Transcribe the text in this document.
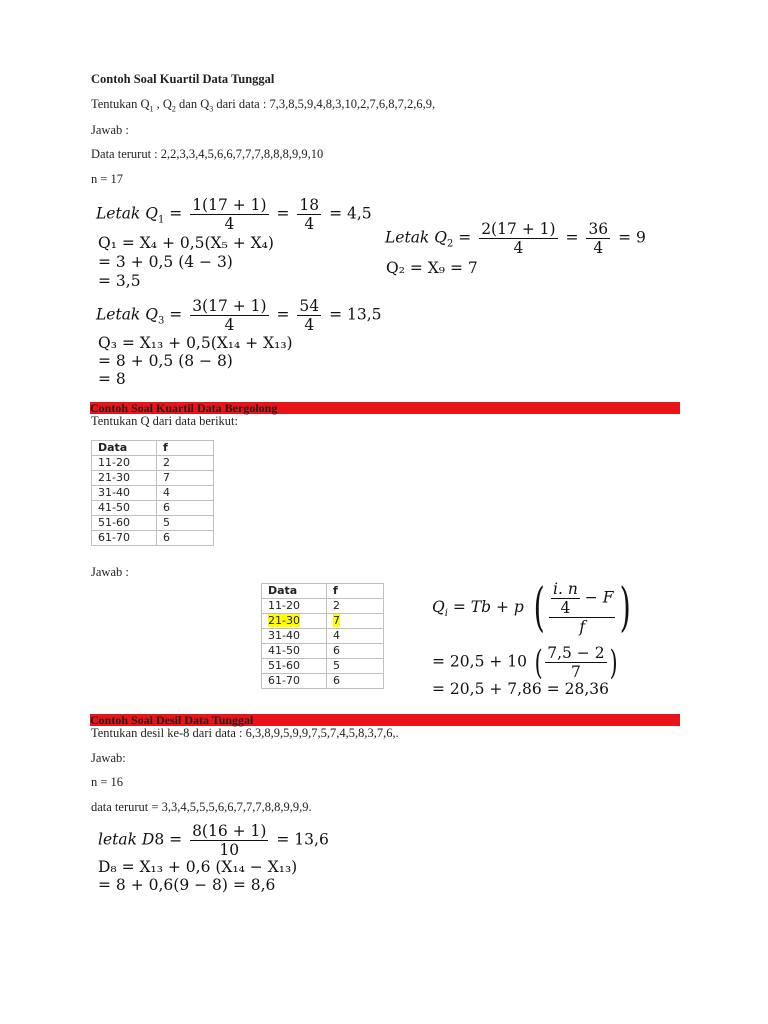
Contoh Soal Kuartil Data Tunggal
Tentukan $Q_1$ , $Q_2$ dan $Q_3$ dari data : 7,3,8,5,9,4,8,3,10,2,7,6,8,7,2,6,9,
Jawab :
Data terurut : 2,2,3,3,4,5,6,6,7,7,7,8,8,8,9,9,10
n = 17
Letak $Q_1 = \frac{1(17 + 1)}{4} = \frac{18}{4} = 4,5$
Q₁ = X₄ + 0,5(X₅ + X₄)
= 3 + 0,5 (4 − 3)
= 3,5
Letak $Q_2 = \frac{2(17 + 1)}{4} = \frac{36}{4} = 9$
Q₂ = X₉ = 7
Letak $Q_3 = \frac{3(17 + 1)}{4} = \frac{54}{4} = 13,5$
Q₃ = X₁₃ + 0,5(X₁₄ + X₁₃)
= 8 + 0,5 (8 − 8)
= 8
Contoh Soal Kuartil Data Bergolong
Tentukan Q dari data berikut:
Data	f
11-20	2
21-30	7
31-40	4
41-50	6
51-60	5
61-70	6
Jawab :
Data	f
11-20	2
21-30	7
31-40	4
41-50	6
51-60	5
61-70	6
$Q_i = Tb + p$ ( $\frac{\frac{i. n}{4} - F}{f}$ )
= 20,5 + 10 ( $\frac{7,5 - 2}{7}$ )
= 20,5 + 7,86 = 28,36
Contoh Soal Desil Data Tunggal
Tentukan desil ke-8 dari data : 6,3,8,9,5,9,9,7,5,7,4,5,8,3,7,6,.
Jawab:
n = 16
data terurut = 3,3,4,5,5,5,6,6,7,7,7,8,8,9,9,9.
letak $D8 = \frac{8(16 + 1)}{10} = 13,6$
D₈ = X₁₃ + 0,6 (X₁₄ − X₁₃)
= 8 + 0,6(9 − 8) = 8,6
